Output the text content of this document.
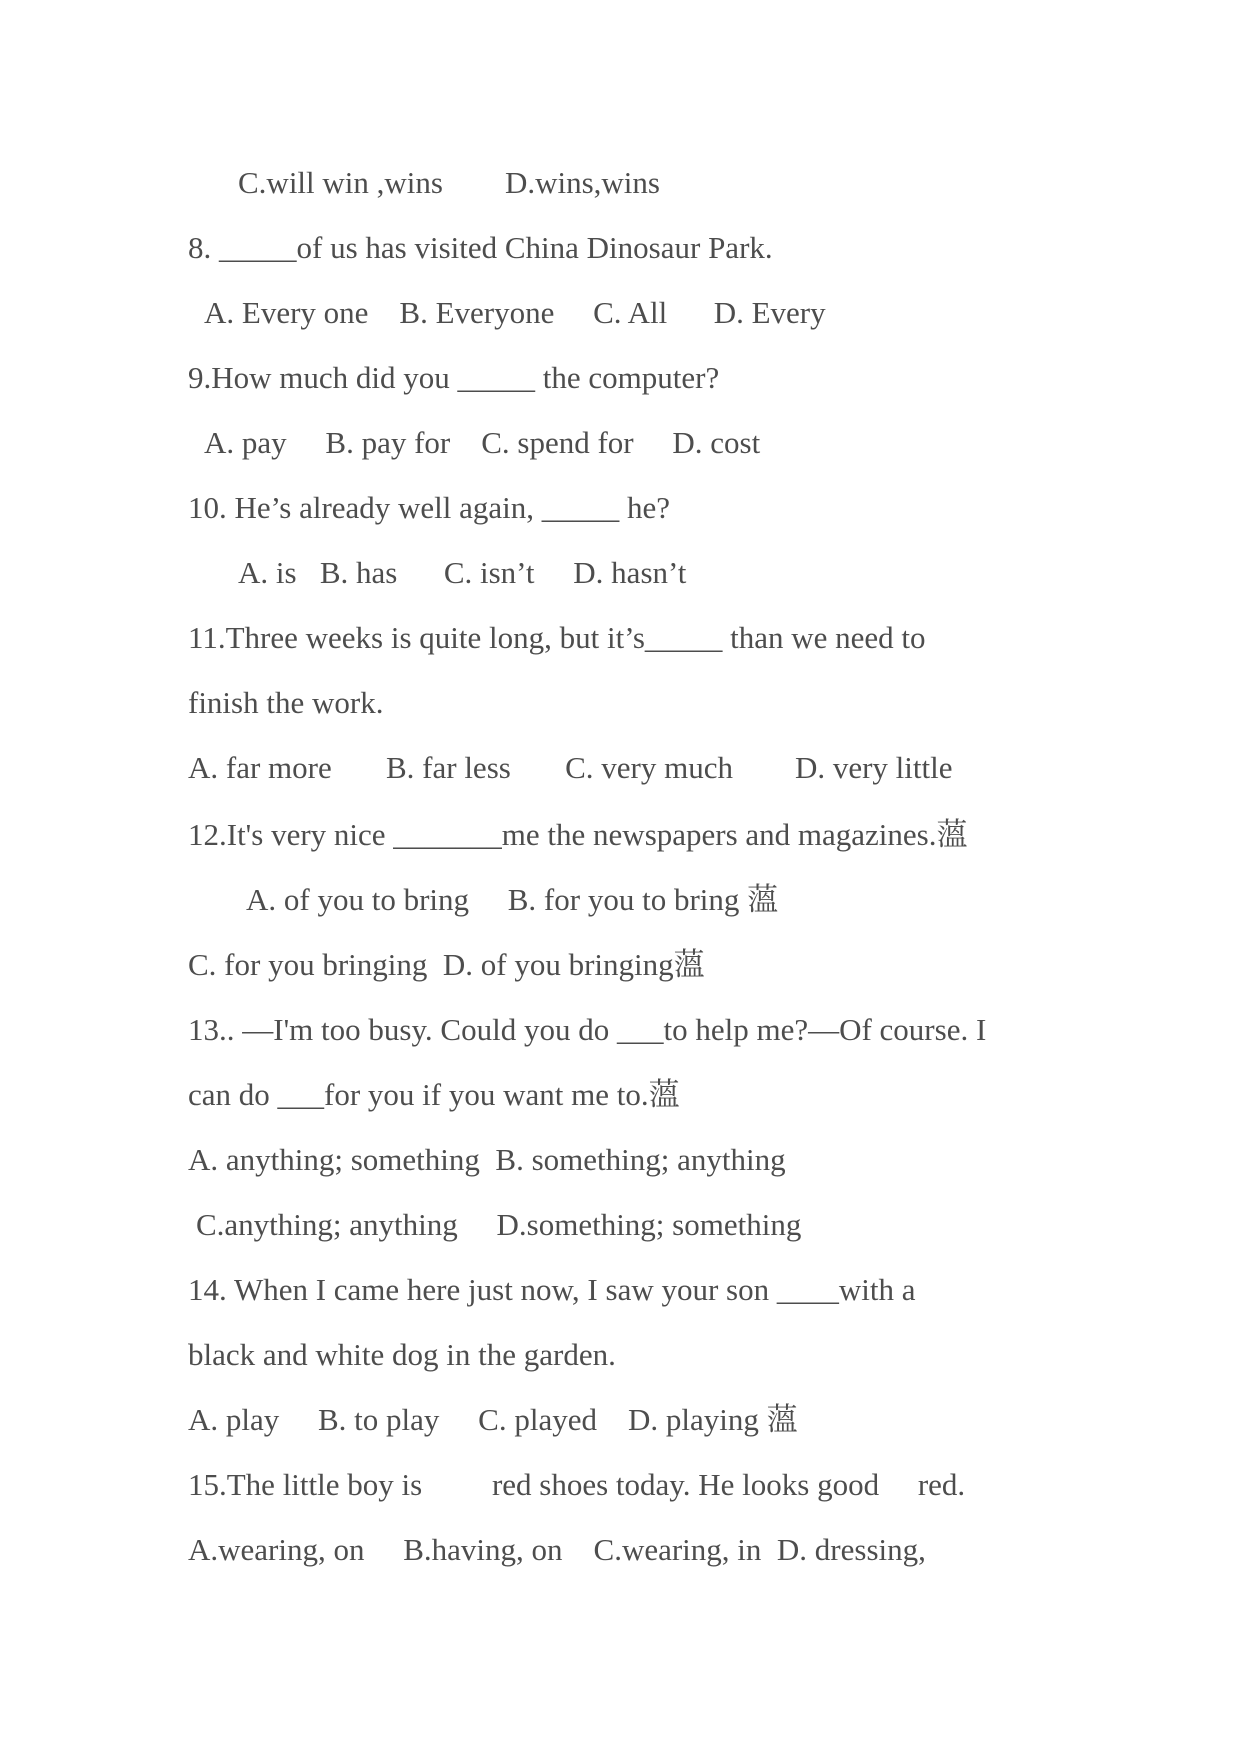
C.will win ,wins        D.wins,wins
8. _____of us has visited China Dinosaur Park.
A. Every one    B. Everyone     C. All      D. Every
9.How much did you _____ the computer?
A. pay     B. pay for    C. spend for     D. cost
10. He’s already well again, _____ he?
A. is   B. has      C. isn’t     D. hasn’t
11.Three weeks is quite long, but it’s_____ than we need to
finish the work.
A. far more       B. far less       C. very much        D. very little
12.It's very nice _______me the newspapers and magazines.薀
A. of you to bring     B. for you to bring 薀
C. for you bringing  D. of you bringing薀
13.. —I'm too busy. Could you do ___to help me?—Of course. I
can do ___for you if you want me to.薀
A. anything; something  B. something; anything
C.anything; anything     D.something; something
14. When I came here just now, I saw your son ____with a
black and white dog in the garden.
A. play     B. to play     C. played    D. playing 薀
15.The little boy is         red shoes today. He looks good     red.
A.wearing, on     B.having, on    C.wearing, in  D. dressing,
